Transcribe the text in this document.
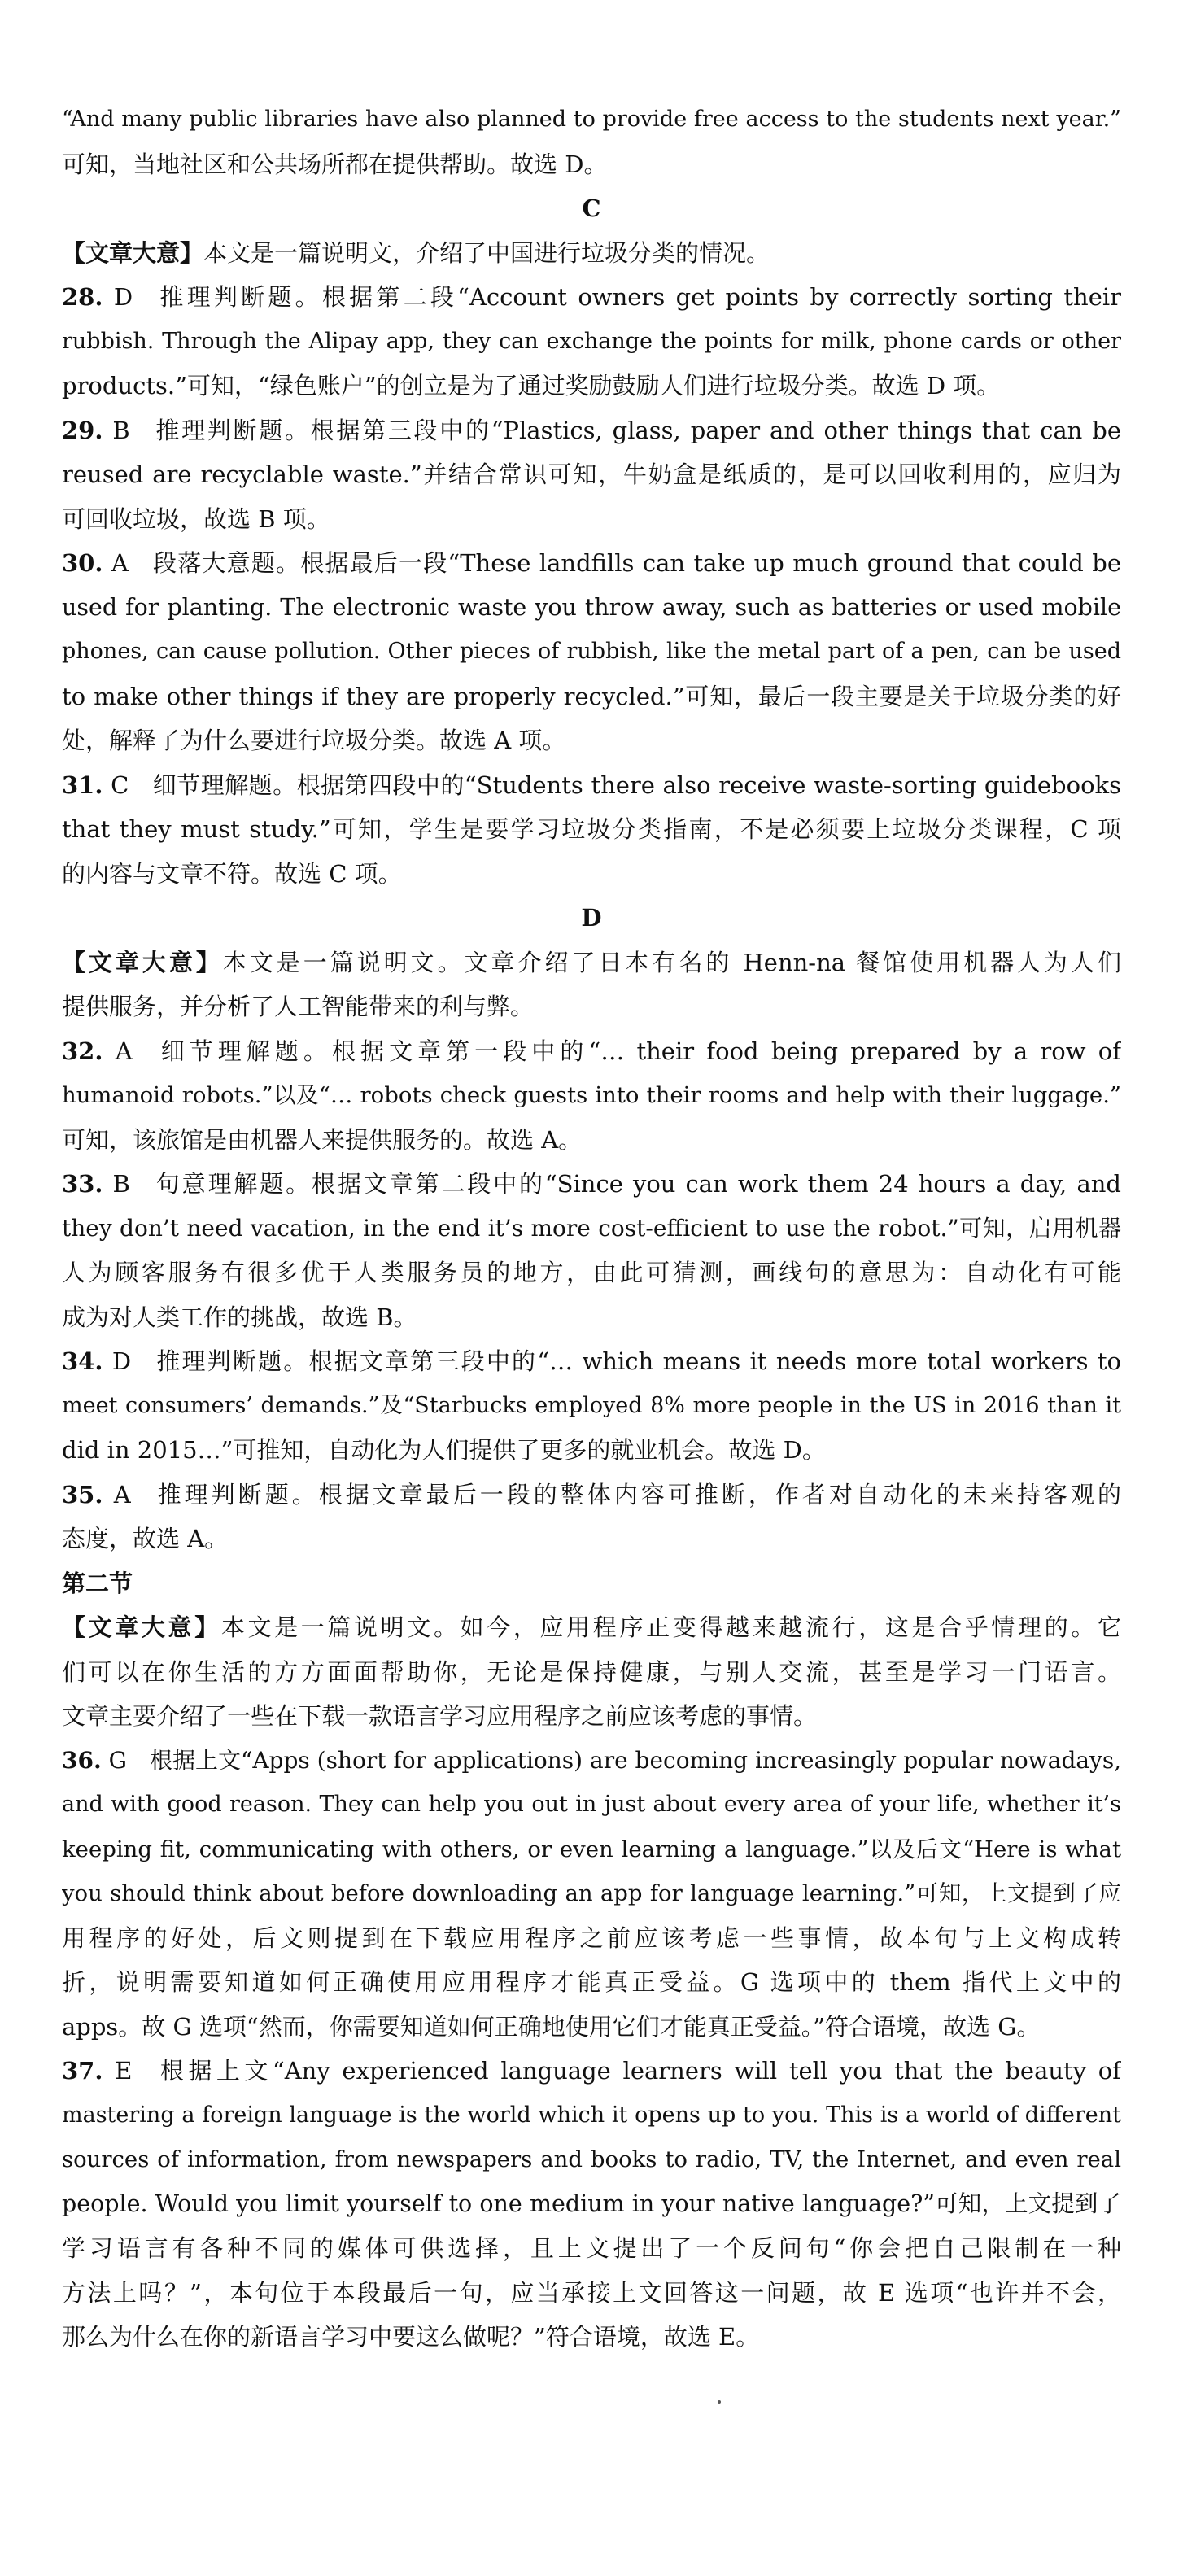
“And many public libraries have also planned to provide free access to the students next year.”
可知，当地社区和公共场所都在提供帮助。故选 D。
C
【文章大意】本文是一篇说明文，介绍了中国进行垃圾分类的情况。
28. D  推理判断题。根据第二段“Account owners get points by correctly sorting their
rubbish. Through the Alipay app, they can exchange the points for milk, phone cards or other
products.”可知，“绿色账户”的创立是为了通过奖励鼓励人们进行垃圾分类。故选 D 项。
29. B  推理判断题。根据第三段中的“Plastics, glass, paper and other things that can be
reused are recyclable waste.”并结合常识可知，牛奶盒是纸质的，是可以回收利用的，应归为
可回收垃圾，故选 B 项。
30. A  段落大意题。根据最后一段“These landfills can take up much ground that could be
used for planting. The electronic waste you throw away, such as batteries or used mobile
phones, can cause pollution. Other pieces of rubbish, like the metal part of a pen, can be used
to make other things if they are properly recycled.”可知，最后一段主要是关于垃圾分类的好
处，解释了为什么要进行垃圾分类。故选 A 项。
31. C  细节理解题。根据第四段中的“Students there also receive waste-sorting guidebooks
that they must study.”可知，学生是要学习垃圾分类指南，不是必须要上垃圾分类课程，C 项
的内容与文章不符。故选 C 项。
D
【文章大意】本文是一篇说明文。文章介绍了日本有名的 Henn-na 餐馆使用机器人为人们
提供服务，并分析了人工智能带来的利与弊。
32. A  细节理解题。根据文章第一段中的“… their food being prepared by a row of
humanoid robots.”以及“… robots check guests into their rooms and help with their luggage.”
可知，该旅馆是由机器人来提供服务的。故选 A。
33. B  句意理解题。根据文章第二段中的“Since you can work them 24 hours a day, and
they don’t need vacation, in the end it’s more cost-efficient to use the robot.”可知，启用机器
人为顾客服务有很多优于人类服务员的地方，由此可猜测，画线句的意思为：自动化有可能
成为对人类工作的挑战，故选 B。
34. D  推理判断题。根据文章第三段中的“… which means it needs more total workers to
meet consumers’ demands.”及“Starbucks employed 8% more people in the US in 2016 than it
did in 2015…”可推知，自动化为人们提供了更多的就业机会。故选 D。
35. A  推理判断题。根据文章最后一段的整体内容可推断，作者对自动化的未来持客观的
态度，故选 A。
第二节
【文章大意】本文是一篇说明文。如今，应用程序正变得越来越流行，这是合乎情理的。它
们可以在你生活的方方面面帮助你，无论是保持健康，与别人交流，甚至是学习一门语言。
文章主要介绍了一些在下载一款语言学习应用程序之前应该考虑的事情。
36. G  根据上文“Apps (short for applications) are becoming increasingly popular nowadays,
and with good reason. They can help you out in just about every area of your life, whether it’s
keeping fit, communicating with others, or even learning a language.”以及后文“Here is what
you should think about before downloading an app for language learning.”可知，上文提到了应
用程序的好处，后文则提到在下载应用程序之前应该考虑一些事情，故本句与上文构成转
折，说明需要知道如何正确使用应用程序才能真正受益。G 选项中的 them 指代上文中的
apps。故 G 选项“然而，你需要知道如何正确地使用它们才能真正受益。”符合语境，故选 G。
37. E  根据上文“Any experienced language learners will tell you that the beauty of
mastering a foreign language is the world which it opens up to you. This is a world of different
sources of information, from newspapers and books to radio, TV, the Internet, and even real
people. Would you limit yourself to one medium in your native language?”可知，上文提到了
学习语言有各种不同的媒体可供选择，且上文提出了一个反问句“你会把自己限制在一种
方法上吗？”，本句位于本段最后一句，应当承接上文回答这一问题，故 E 选项“也许并不会，
那么为什么在你的新语言学习中要这么做呢？”符合语境，故选 E。
